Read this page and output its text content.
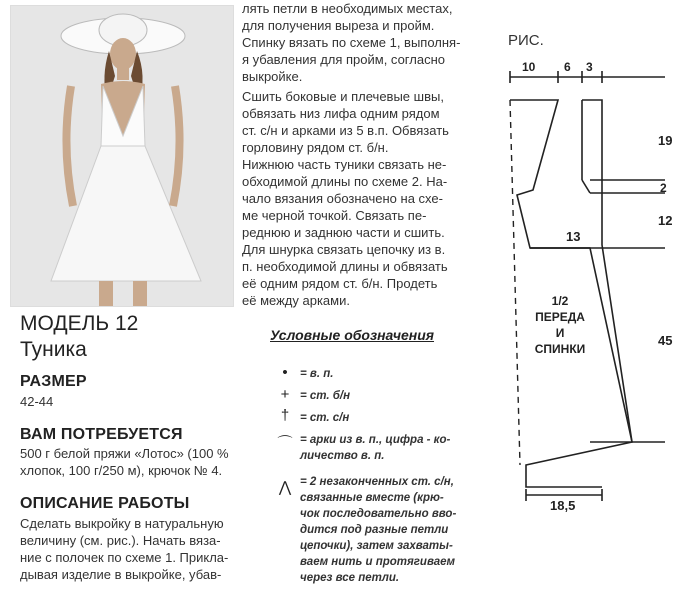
МОДЕЛЬ 12
Туника
РАЗМЕР
42-44
ВАМ ПОТРЕБУЕТСЯ
500 г белой пряжи «Лотос» (100 %
хлопок, 100 г/250 м), крючок № 4.
ОПИСАНИЕ РАБОТЫ
Сделать выкройку в натуральную
величину (см. рис.). Начать вяза-
ние с полочек по схеме 1. Прикла-
дывая изделие в выкройке, убав-
лять петли в необходимых местах,
для получения выреза и пройм.
Спинку вязать по схеме 1, выполня-
я убавления для пройм, согласно
выкройке.
Сшить боковые и плечевые швы,
обвязать низ лифа одним рядом
ст. с/н и арками из 5 в.п. Обвязать
горловину рядом ст. б/н.
Нижнюю часть туники связать не-
обходимой длины по схеме 2. На-
чало вязания обозначено на схе-
ме черной точкой. Связать пе-
реднюю и заднюю части и сшить.
Для шнурка связать цепочку из в.
п. необходимой длины и обвязать
её одним рядом ст. б/н. Продеть
её между арками.
Условные обозначения
•	= в. п.
+ = ст. б/н
† = ст. с/н
⌒ = арки из в. п., цифра - ко-
личество в. п.
⋀ = 2 незаконченных ст. с/н,
связанные вместе (крю-
чок последовательно вво-
дится под разные петли
цепочки), затем захваты-
ваем нить и протягиваем
через все петли.
РИС.
10 6 3
19
2
12
45
13
18,5
1/2
ПЕРЕДА
И
СПИНКИ
